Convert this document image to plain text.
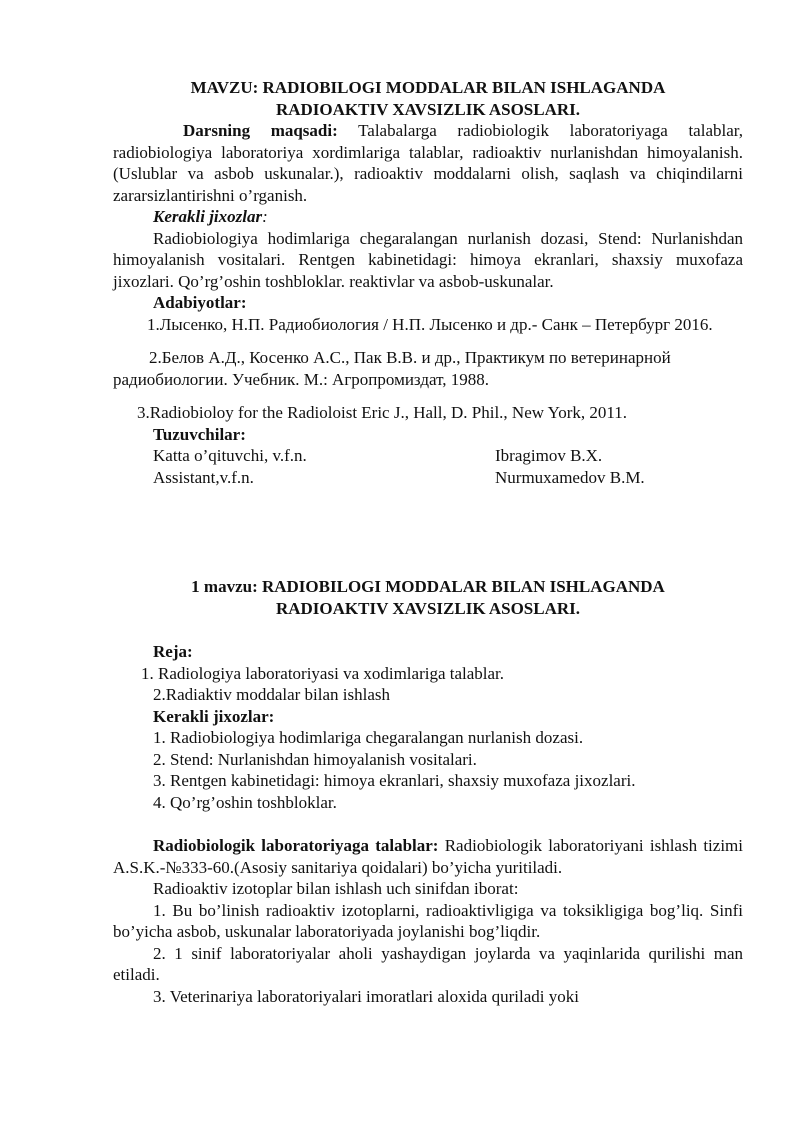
MAVZU: RADIOBILOGI MODDALAR BILAN ISHLAGANDA

RADIOAKTIV XAVSIZLIK ASOSLARI.

Darsning maqsadi: Talabalarga radiobiologik laboratoriyaga talablar, radiobiologiya laboratoriya xordimlariga talablar, radioaktiv nurlanishdan himoyalanish. (Uslublar va asbob uskunalar.), radioaktiv moddalarni olish, saqlash va chiqindilarni zararsizlantirishni o’rganish.

Kerakli jixozlar:

Radiobiologiya hodimlariga chegaralangan nurlanish dozasi, Stend: Nurlanishdan himoyalanish vositalari. Rentgen kabinetidagi: himoya ekranlari, shaxsiy muxofaza jixozlari. Qo’rg’oshin toshbloklar. reaktivlar va asbob-uskunalar.

Adabiyotlar:

1.Лысенко, Н.П. Радиобиология / Н.П. Лысенко и др.- Санк – Петербург 2016.

2.Белов А.Д., Косенко А.С., Пак В.В. и др., Практикум по ветеринарной радиобиологии. Учебник. М.: Агропромиздат, 1988.

3.Radiobioloy for the Radioloist Eric J., Hall, D. Phil., New York, 2011.

Tuzuvchilar:

Katta o’qituvchi, v.f.n.	Ibragimov B.X.
Assistant,v.f.n.	Nurmuxamedov B.M.

1 mavzu: RADIOBILOGI MODDALAR BILAN ISHLAGANDA

RADIOAKTIV XAVSIZLIK ASOSLARI.

Reja:

1. Radiologiya laboratoriyasi va xodimlariga talablar.

2.Radiaktiv moddalar bilan ishlash

Kerakli jixozlar:

1. Radiobiologiya hodimlariga chegaralangan nurlanish dozasi.

2. Stend: Nurlanishdan himoyalanish vositalari.

3. Rentgen kabinetidagi: himoya ekranlari, shaxsiy muxofaza jixozlari.

4. Qo’rg’oshin toshbloklar.

Radiobiologik laboratoriyaga talablar: Radiobiologik laboratoriyani ishlash tizimi A.S.K.-№333-60.(Asosiy sanitariya qoidalari) bo’yicha yuritiladi.

Radioaktiv izotoplar bilan ishlash uch sinifdan iborat:

1. Bu bo’linish radioaktiv izotoplarni, radioaktivligiga va toksikligiga bog’liq. Sinfi bo’yicha asbob, uskunalar laboratoriyada joylanishi bog’liqdir.

2. 1 sinif laboratoriyalar aholi yashaydigan joylarda va yaqinlarida qurilishi man etiladi.

3. Veterinariya laboratoriyalari imoratlari aloxida quriladi yoki
